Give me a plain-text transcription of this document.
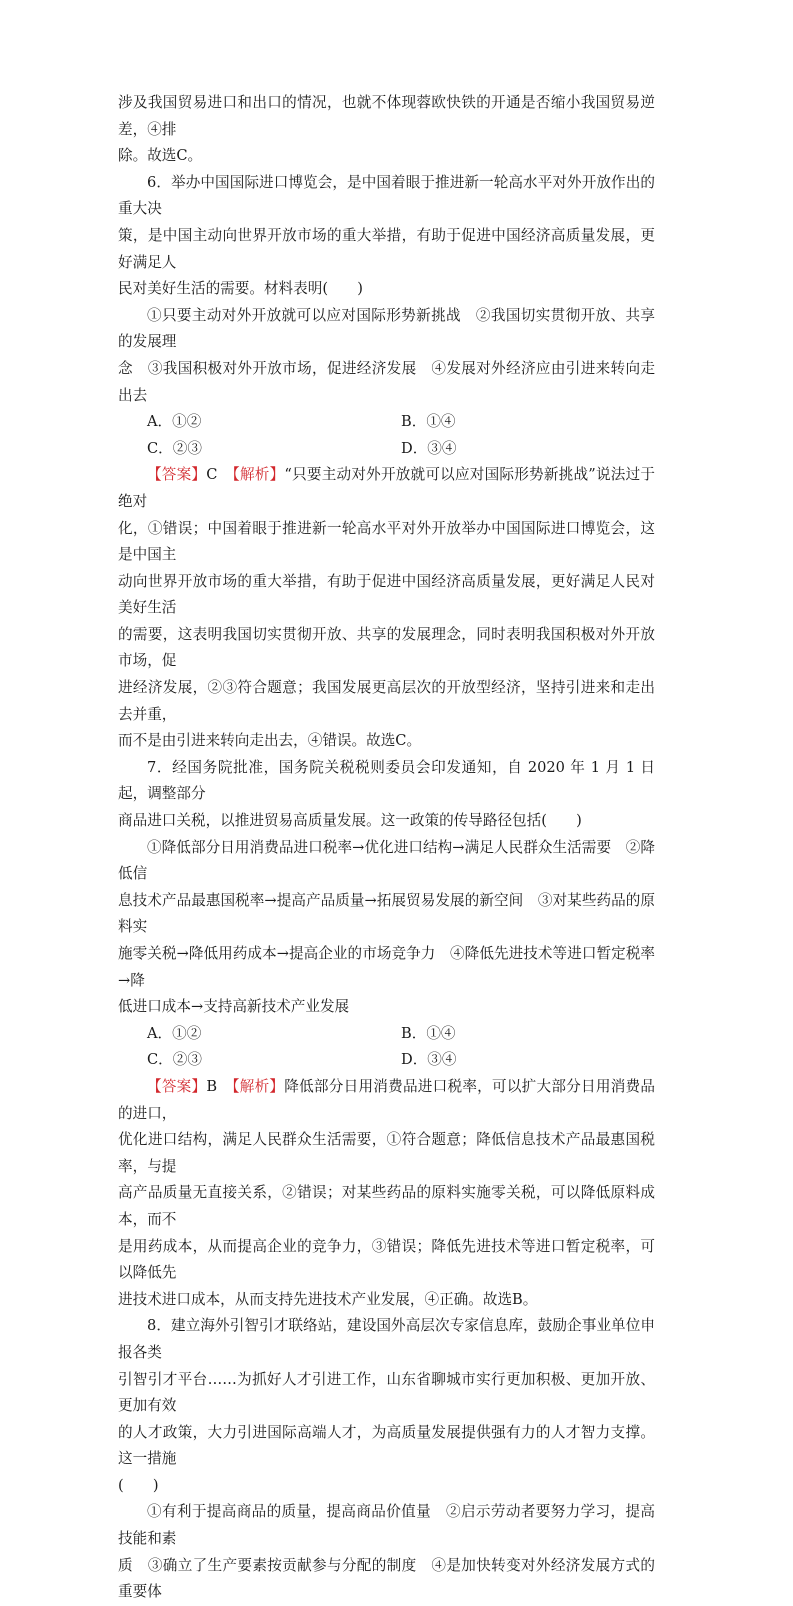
涉及我国贸易进口和出口的情况，也就不体现蓉欧快铁的开通是否缩小我国贸易逆差，④排

除。故选C。

6．举办中国国际进口博览会，是中国着眼于推进新一轮高水平对外开放作出的重大决

策，是中国主动向世界开放市场的重大举措，有助于促进中国经济高质量发展，更好满足人

民对美好生活的需要。材料表明(　　)

①只要主动对外开放就可以应对国际形势新挑战　②我国切实贯彻开放、共享的发展理

念　③我国积极对外开放市场，促进经济发展　④发展对外经济应由引进来转向走出去

A．①②	B．①④
C．②③	D．③④

【答案】C　 【解析】“只要主动对外开放就可以应对国际形势新挑战”说法过于绝对

化，①错误；中国着眼于推进新一轮高水平对外开放举办中国国际进口博览会，这是中国主

动向世界开放市场的重大举措，有助于促进中国经济高质量发展，更好满足人民对美好生活

的需要，这表明我国切实贯彻开放、共享的发展理念，同时表明我国积极对外开放市场，促

进经济发展，②③符合题意；我国发展更高层次的开放型经济，坚持引进来和走出去并重，

而不是由引进来转向走出去，④错误。故选C。

7．经国务院批准，国务院关税税则委员会印发通知，自 2020 年 1 月 1 日起，调整部分

商品进口关税，以推进贸易高质量发展。这一政策的传导路径包括(　　)

①降低部分日用消费品进口税率→优化进口结构→满足人民群众生活需要　②降低信

息技术产品最惠国税率→提高产品质量→拓展贸易发展的新空间　③对某些药品的原料实

施零关税→降低用药成本→提高企业的市场竞争力　④降低先进技术等进口暂定税率→降

低进口成本→支持高新技术产业发展

A．①②	B．①④
C．②③	D．③④

【答案】B　 【解析】降低部分日用消费品进口税率，可以扩大部分日用消费品的进口，

优化进口结构，满足人民群众生活需要，①符合题意；降低信息技术产品最惠国税率，与提

高产品质量无直接关系，②错误；对某些药品的原料实施零关税，可以降低原料成本，而不

是用药成本，从而提高企业的竞争力，③错误；降低先进技术等进口暂定税率，可以降低先

进技术进口成本，从而支持先进技术产业发展，④正确。故选B。

8．建立海外引智引才联络站，建设国外高层次专家信息库，鼓励企事业单位申报各类

引智引才平台……为抓好人才引进工作，山东省聊城市实行更加积极、更加开放、更加有效

的人才政策，大力引进国际高端人才，为高质量发展提供强有力的人才智力支撑。这一措施

(　　)

①有利于提高商品的质量，提高商品价值量　②启示劳动者要努力学习，提高技能和素

质　③确立了生产要素按贡献参与分配的制度　④是加快转变对外经济发展方式的重要体
